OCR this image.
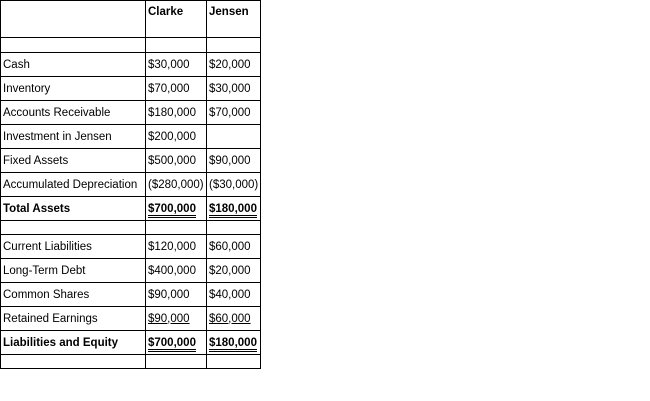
	Clarke	Jensen

Cash	$30,000	$20,000
Inventory	$70,000	$30,000
Accounts Receivable	$180,000	$70,000
Investment in Jensen	$200,000	
Fixed Assets	$500,000	$90,000
Accumulated Depreciation	($280,000)	($30,000)
Total Assets	$700,000	$180,000

Current Liabilities	$120,000	$60,000
Long-Term Debt	$400,000	$20,000
Common Shares	$90,000	$40,000
Retained Earnings	$90,000	$60,000
Liabilities and Equity	$700,000	$180,000
